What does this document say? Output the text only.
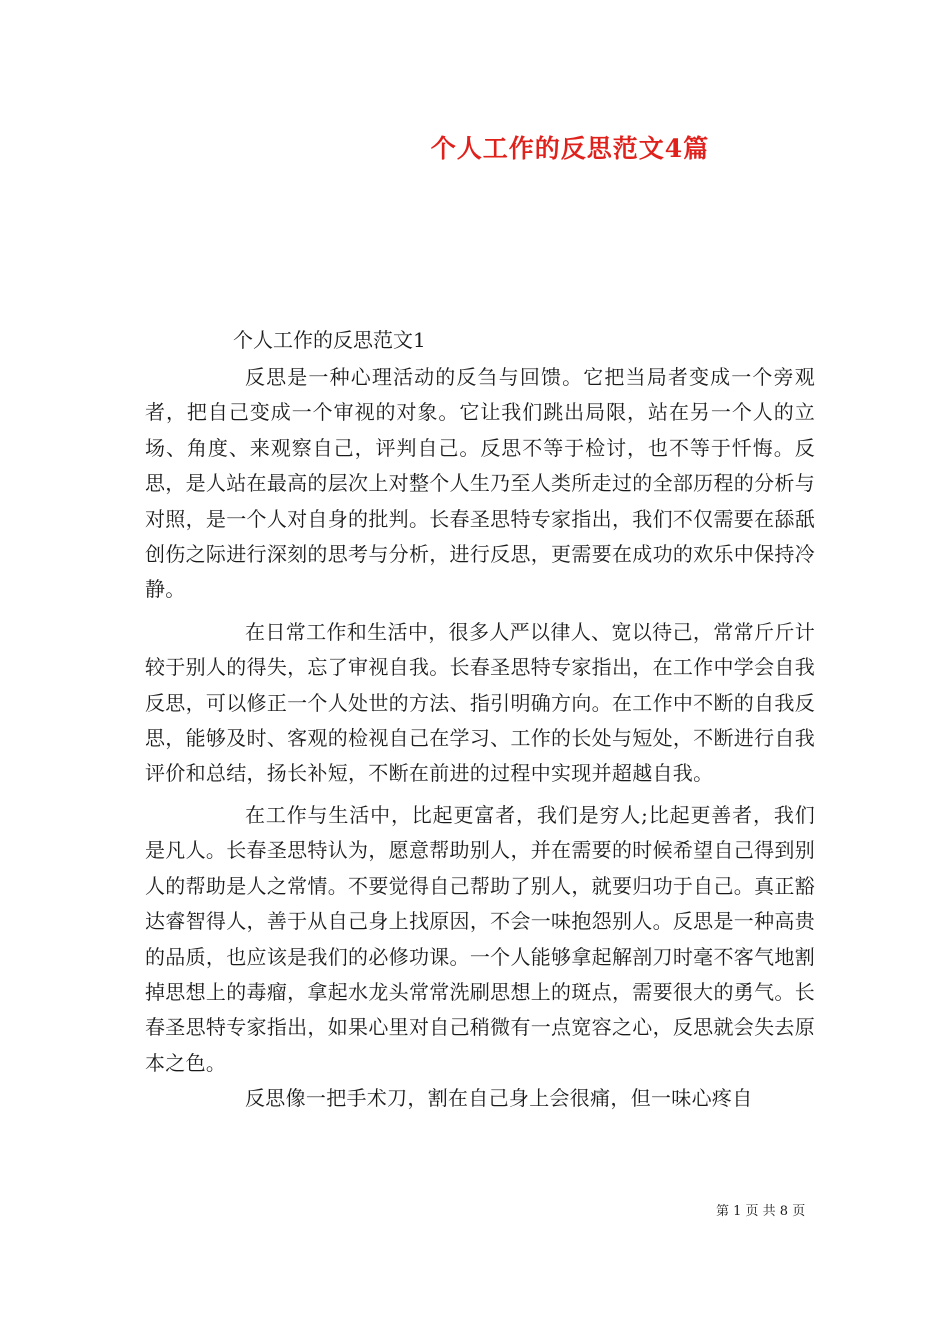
个人工作的反思范文4篇
个人工作的反思范文1

反思是一种心理活动的反刍与回馈。它把当局者变成一个旁观者，把自己变成一个审视的对象。它让我们跳出局限，站在另一个人的立场、角度、来观察自己，评判自己。反思不等于检讨，也不等于忏悔。反思，是人站在最高的层次上对整个人生乃至人类所走过的全部历程的分析与对照，是一个人对自身的批判。长春圣思特专家指出，我们不仅需要在舔舐创伤之际进行深刻的思考与分析，进行反思，更需要在成功的欢乐中保持冷静。

在日常工作和生活中，很多人严以律人、宽以待己，常常斤斤计较于别人的得失，忘了审视自我。长春圣思特专家指出，在工作中学会自我反思，可以修正一个人处世的方法、指引明确方向。在工作中不断的自我反思，能够及时、客观的检视自己在学习、工作的长处与短处，不断进行自我评价和总结，扬长补短，不断在前进的过程中实现并超越自我。

在工作与生活中，比起更富者，我们是穷人;比起更善者，我们是凡人。长春圣思特认为，愿意帮助别人，并在需要的时候希望自己得到别人的帮助是人之常情。不要觉得自己帮助了别人，就要归功于自己。真正豁达睿智得人，善于从自己身上找原因，不会一味抱怨别人。反思是一种高贵的品质，也应该是我们的必修功课。一个人能够拿起解剖刀时毫不客气地割掉思想上的毒瘤，拿起水龙头常常洗刷思想上的斑点，需要很大的勇气。长春圣思特专家指出，如果心里对自己稍微有一点宽容之心，反思就会失去原本之色。

反思像一把手术刀，割在自己身上会很痛，但一味心疼自

第 1 页 共 8 页
